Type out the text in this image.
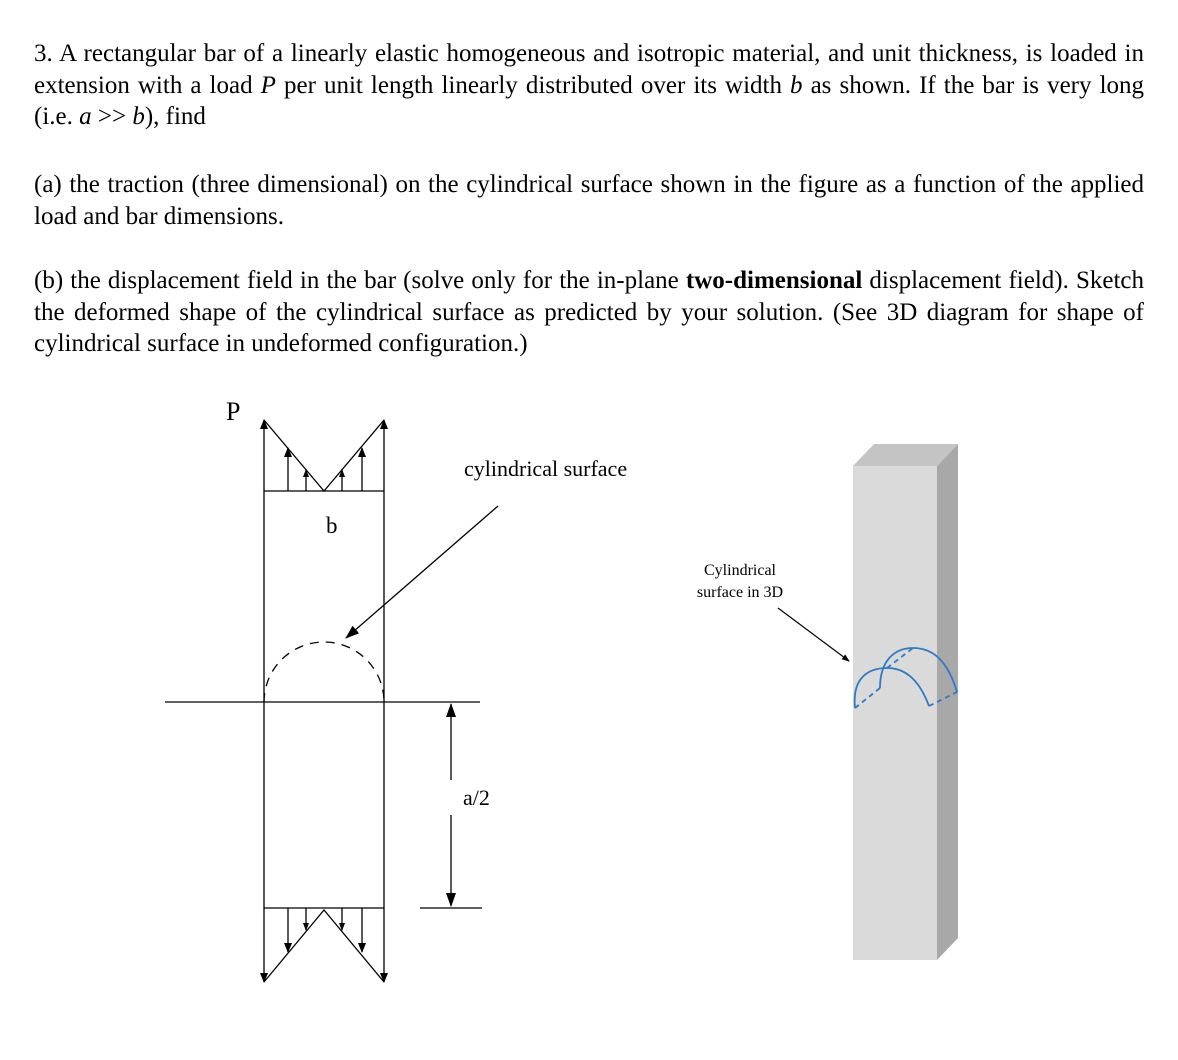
3. A rectangular bar of a linearly elastic homogeneous and isotropic material, and unit thickness, is loaded in extension with a load P per unit length linearly distributed over its width b as shown. If the bar is very long (i.e. a >> b), find

(a) the traction (three dimensional) on the cylindrical surface shown in the figure as a function of the applied load and bar dimensions.

(b) the displacement field in the bar (solve only for the in-plane two-dimensional displacement field). Sketch the deformed shape of the cylindrical surface as predicted by your solution. (See 3D diagram for shape of cylindrical surface in undeformed configuration.)

P
b
cylindrical surface
a/2
Cylindrical
surface in 3D
